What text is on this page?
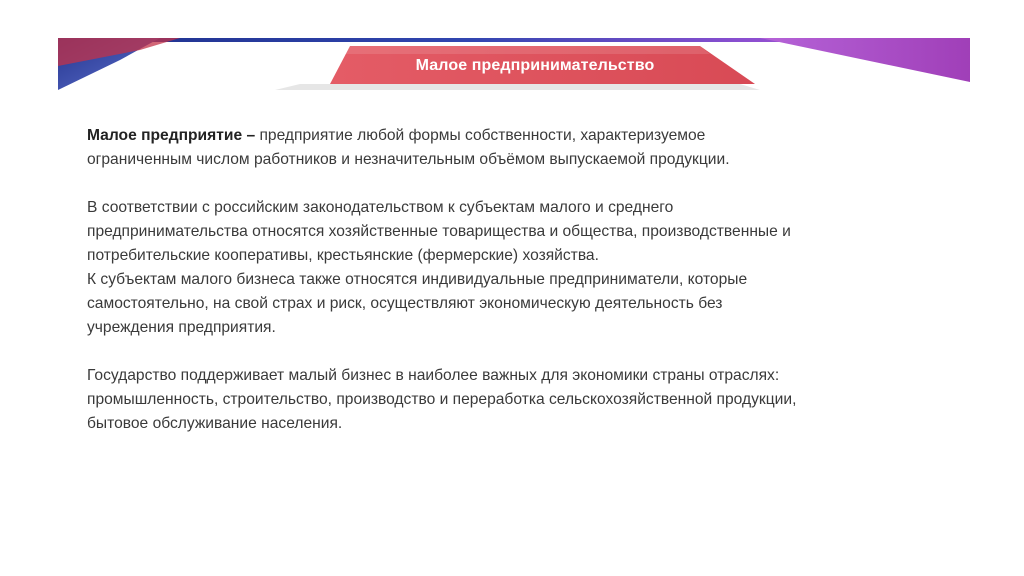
Малое предпринимательство

Малое предприятие – предприятие любой формы собственности, характеризуемое

ограниченным числом работников и незначительным объёмом выпускаемой продукции.

В соответствии с российским законодательством к субъектам малого и среднего

предпринимательства относятся хозяйственные товарищества и общества, производственные и

потребительские кооперативы, крестьянские (фермерские) хозяйства.

К субъектам малого бизнеса также относятся индивидуальные предприниматели, которые

самостоятельно, на свой страх и риск, осуществляют экономическую деятельность без

учреждения предприятия.

Государство поддерживает малый бизнес в наиболее важных для экономики страны отраслях:

промышленность, строительство, производство и переработка сельскохозяйственной продукции,

бытовое обслуживание населения.
